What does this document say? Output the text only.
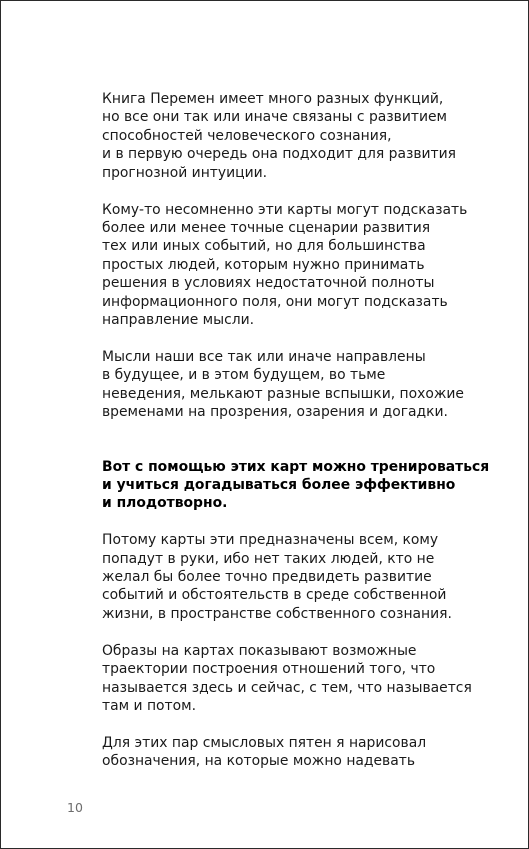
Книга Перемен имеет много разных функций,
но все они так или иначе связаны с развитием
способностей человеческого сознания,
и в первую очередь она подходит для развития
прогнозной интуиции.
Кому-то несомненно эти карты могут подсказать
более или менее точные сценарии развития
тех или иных событий, но для большинства
простых людей, которым нужно принимать
решения в условиях недостаточной полноты
информационного поля, они могут подсказать
направление мысли.
Мысли наши все так или иначе направлены
в будущее, и в этом будущем, во тьме
неведения, мелькают разные вспышки, похожие
временами на прозрения, озарения и догадки.
Вот с помощью этих карт можно тренироваться
и учиться догадываться более эффективно
и плодотворно.
Потому карты эти предназначены всем, кому
попадут в руки, ибо нет таких людей, кто не
желал бы более точно предвидеть развитие
событий и обстоятельств в среде собственной
жизни, в пространстве собственного сознания.
Образы на картах показывают возможные
траектории построения отношений того, что
называется здесь и сейчас, с тем, что называется
там и потом.
Для этих пар смысловых пятен я нарисовал
обозначения, на которые можно надевать
10
